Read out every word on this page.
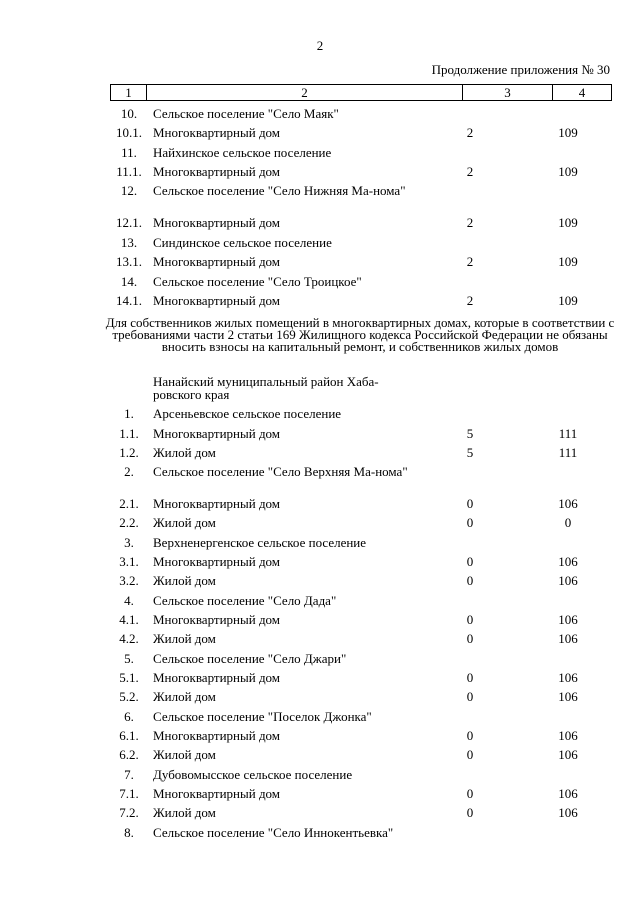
2
Продолжение приложения № 30
1	2	3	4
10.	Сельское поселение "Село Маяк"
10.1. Многоквартирный дом	2	109
11.	Найхинское сельское поселение
11.1. Многоквартирный дом	2	109
12.	Сельское поселение "Село Нижняя Ма-нома"
12.1. Многоквартирный дом	2	109
13.	Синдинское сельское поселение
13.1. Многоквартирный дом	2	109
14.	Сельское поселение "Село Троицкое"
14.1. Многоквартирный дом	2	109
Для собственников жилых помещений в многоквартирных домах, которые в соответствии с требованиями части 2 статьи 169 Жилищного кодекса Российской Федерации не обязаны вносить взносы на капитальный ремонт, и собственников жилых домов
Нанайский муниципальный район Хаба-ровского края
1.	Арсеньевское сельское поселение
1.1.	Многоквартирный дом	5	111
1.2.	Жилой дом	5	111
2.	Сельское поселение "Село Верхняя Ма-нома"
2.1.	Многоквартирный дом	0	106
2.2.	Жилой дом	0	0
3.	Верхненергенское сельское поселение
3.1.	Многоквартирный дом	0	106
3.2.	Жилой дом	0	106
4.	Сельское поселение "Село Дада"
4.1.	Многоквартирный дом	0	106
4.2.	Жилой дом	0	106
5.	Сельское поселение "Село Джари"
5.1.	Многоквартирный дом	0	106
5.2.	Жилой дом	0	106
6.	Сельское поселение "Поселок Джонка"
6.1.	Многоквартирный дом	0	106
6.2.	Жилой дом	0	106
7.	Дубовомысское сельское поселение
7.1.	Многоквартирный дом	0	106
7.2.	Жилой дом	0	106
8.	Сельское поселение "Село Иннокентьевка"
